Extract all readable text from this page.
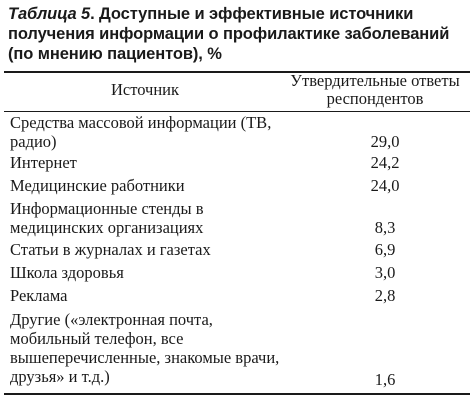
Таблица 5. Доступные и эффективные источники получения информации о профилактике заболеваний (по мнению пациентов), %
Источник	Утвердительные ответы респондентов
Средства массовой информации (ТВ, радио)	29,0
Интернет	24,2
Медицинские работники	24,0
Информационные стенды в медицинских организациях	8,3
Статьи в журналах и газетах	6,9
Школа здоровья	3,0
Реклама	2,8
Другие («электронная почта, мобильный телефон, все вышеперечисленные, знакомые врачи, друзья» и т.д.)	1,6
